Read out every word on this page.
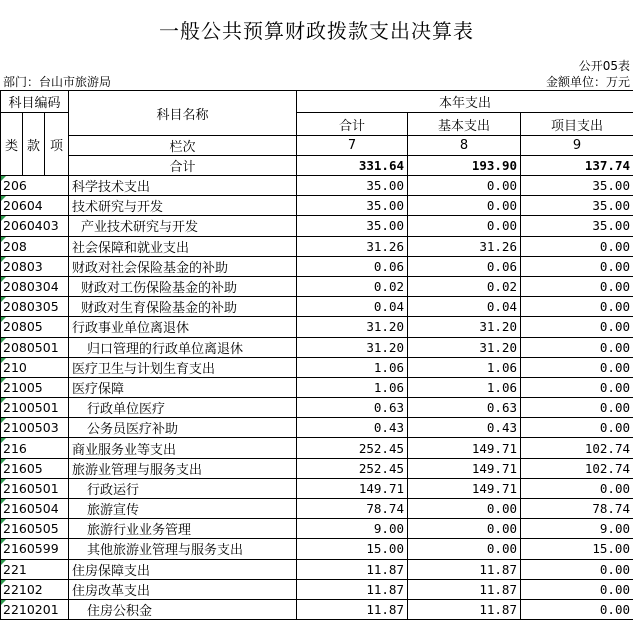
一般公共预算财政拨款支出决算表
公开05表
部门：台山市旅游局	金额单位：万元
科目编码			科目名称	本年支出		
				合计	基本支出	项目支出
类	款	项				
			栏次	7	8	9
			合计	331.64	193.90	137.74
206			科学技术支出	35.00	0.00	35.00
20604			技术研究与开发	35.00	0.00	35.00
2060403			产业技术研究与开发	35.00	0.00	35.00
208			社会保障和就业支出	31.26	31.26	0.00
20803			财政对社会保险基金的补助	0.06	0.06	0.00
2080304			财政对工伤保险基金的补助	0.02	0.02	0.00
2080305			财政对生育保险基金的补助	0.04	0.04	0.00
20805			行政事业单位离退休	31.20	31.20	0.00
2080501			归口管理的行政单位离退休	31.20	31.20	0.00
210			医疗卫生与计划生育支出	1.06	1.06	0.00
21005			医疗保障	1.06	1.06	0.00
2100501			行政单位医疗	0.63	0.63	0.00
2100503			公务员医疗补助	0.43	0.43	0.00
216			商业服务业等支出	252.45	149.71	102.74
21605			旅游业管理与服务支出	252.45	149.71	102.74
2160501			行政运行	149.71	149.71	0.00
2160504			旅游宣传	78.74	0.00	78.74
2160505			旅游行业业务管理	9.00	0.00	9.00
2160599			其他旅游业管理与服务支出	15.00	0.00	15.00
221			住房保障支出	11.87	11.87	0.00
22102			住房改革支出	11.87	11.87	0.00
2210201			住房公积金	11.87	11.87	0.00
